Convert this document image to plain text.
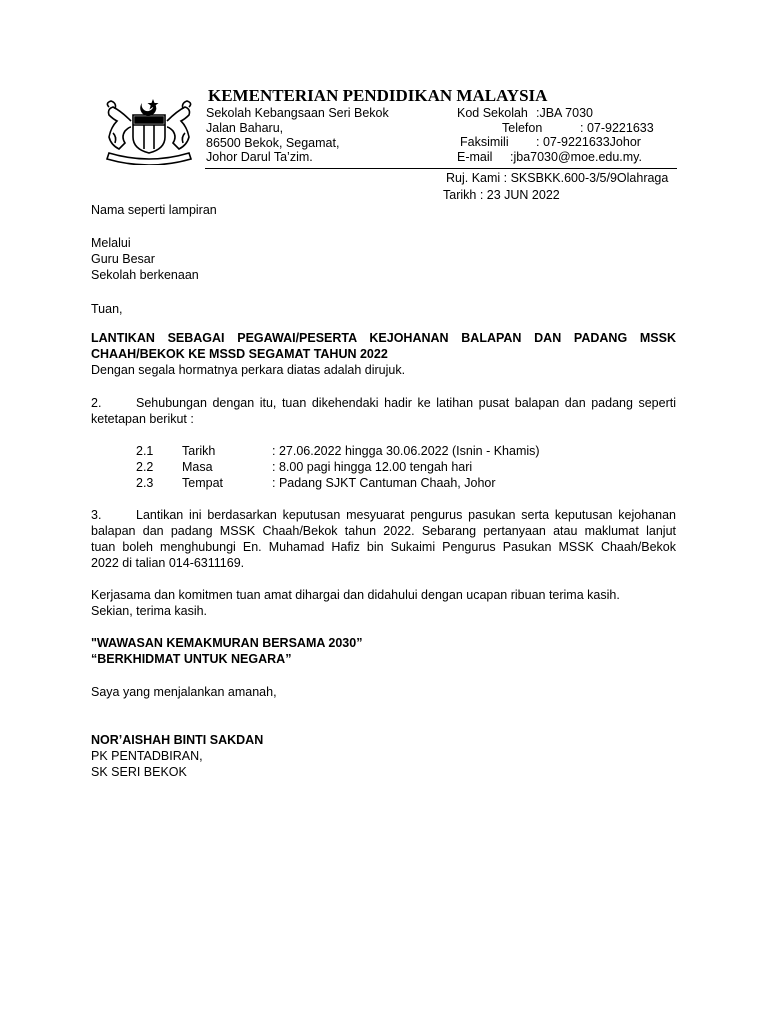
KEMENTERIAN PENDIDIKAN MALAYSIA
Sekolah Kebangsaan Seri Bekok
Jalan Baharu,
86500 Bekok, Segamat,
Johor Darul Ta’zim.
Kod Sekolah :JBA 7030
Telefon	: 07-9221633
Faksimili : 07-9221633Johor
E-mail :jba7030@moe.edu.my.
Ruj. Kami : SKSBKK.600-3/5/9Olahraga
Tarikh : 23 JUN 2022
Nama seperti lampiran
Melalui
Guru Besar
Sekolah berkenaan
Tuan,
LANTIKAN SEBAGAI PEGAWAI/PESERTA KEJOHANAN BALAPAN DAN PADANG MSSK
CHAAH/BEKOK KE MSSD SEGAMAT TAHUN 2022
Dengan segala hormatnya perkara diatas adalah dirujuk.
2.	Sehubungan dengan itu, tuan dikehendaki hadir ke latihan pusat balapan dan padang seperti
ketetapan berikut :
2.1 Tarikh	: 27.06.2022 hingga 30.06.2022 (Isnin - Khamis)
2.2 Masa	: 8.00 pagi hingga 12.00 tengah hari
2.3 Tempat	: Padang SJKT Cantuman Chaah, Johor
3.	Lantikan ini berdasarkan keputusan mesyuarat pengurus pasukan serta keputusan kejohanan
balapan dan padang MSSK Chaah/Bekok tahun 2022. Sebarang pertanyaan atau maklumat lanjut
tuan boleh menghubungi En. Muhamad Hafiz bin Sukaimi Pengurus Pasukan MSSK Chaah/Bekok
2022 di talian 014-6311169.
Kerjasama dan komitmen tuan amat dihargai dan didahului dengan ucapan ribuan terima kasih.
Sekian, terima kasih.
"WAWASAN KEMAKMURAN BERSAMA 2030”
“BERKHIDMAT UNTUK NEGARA”
Saya yang menjalankan amanah,
NOR’AISHAH BINTI SAKDAN
PK PENTADBIRAN,
SK SERI BEKOK
